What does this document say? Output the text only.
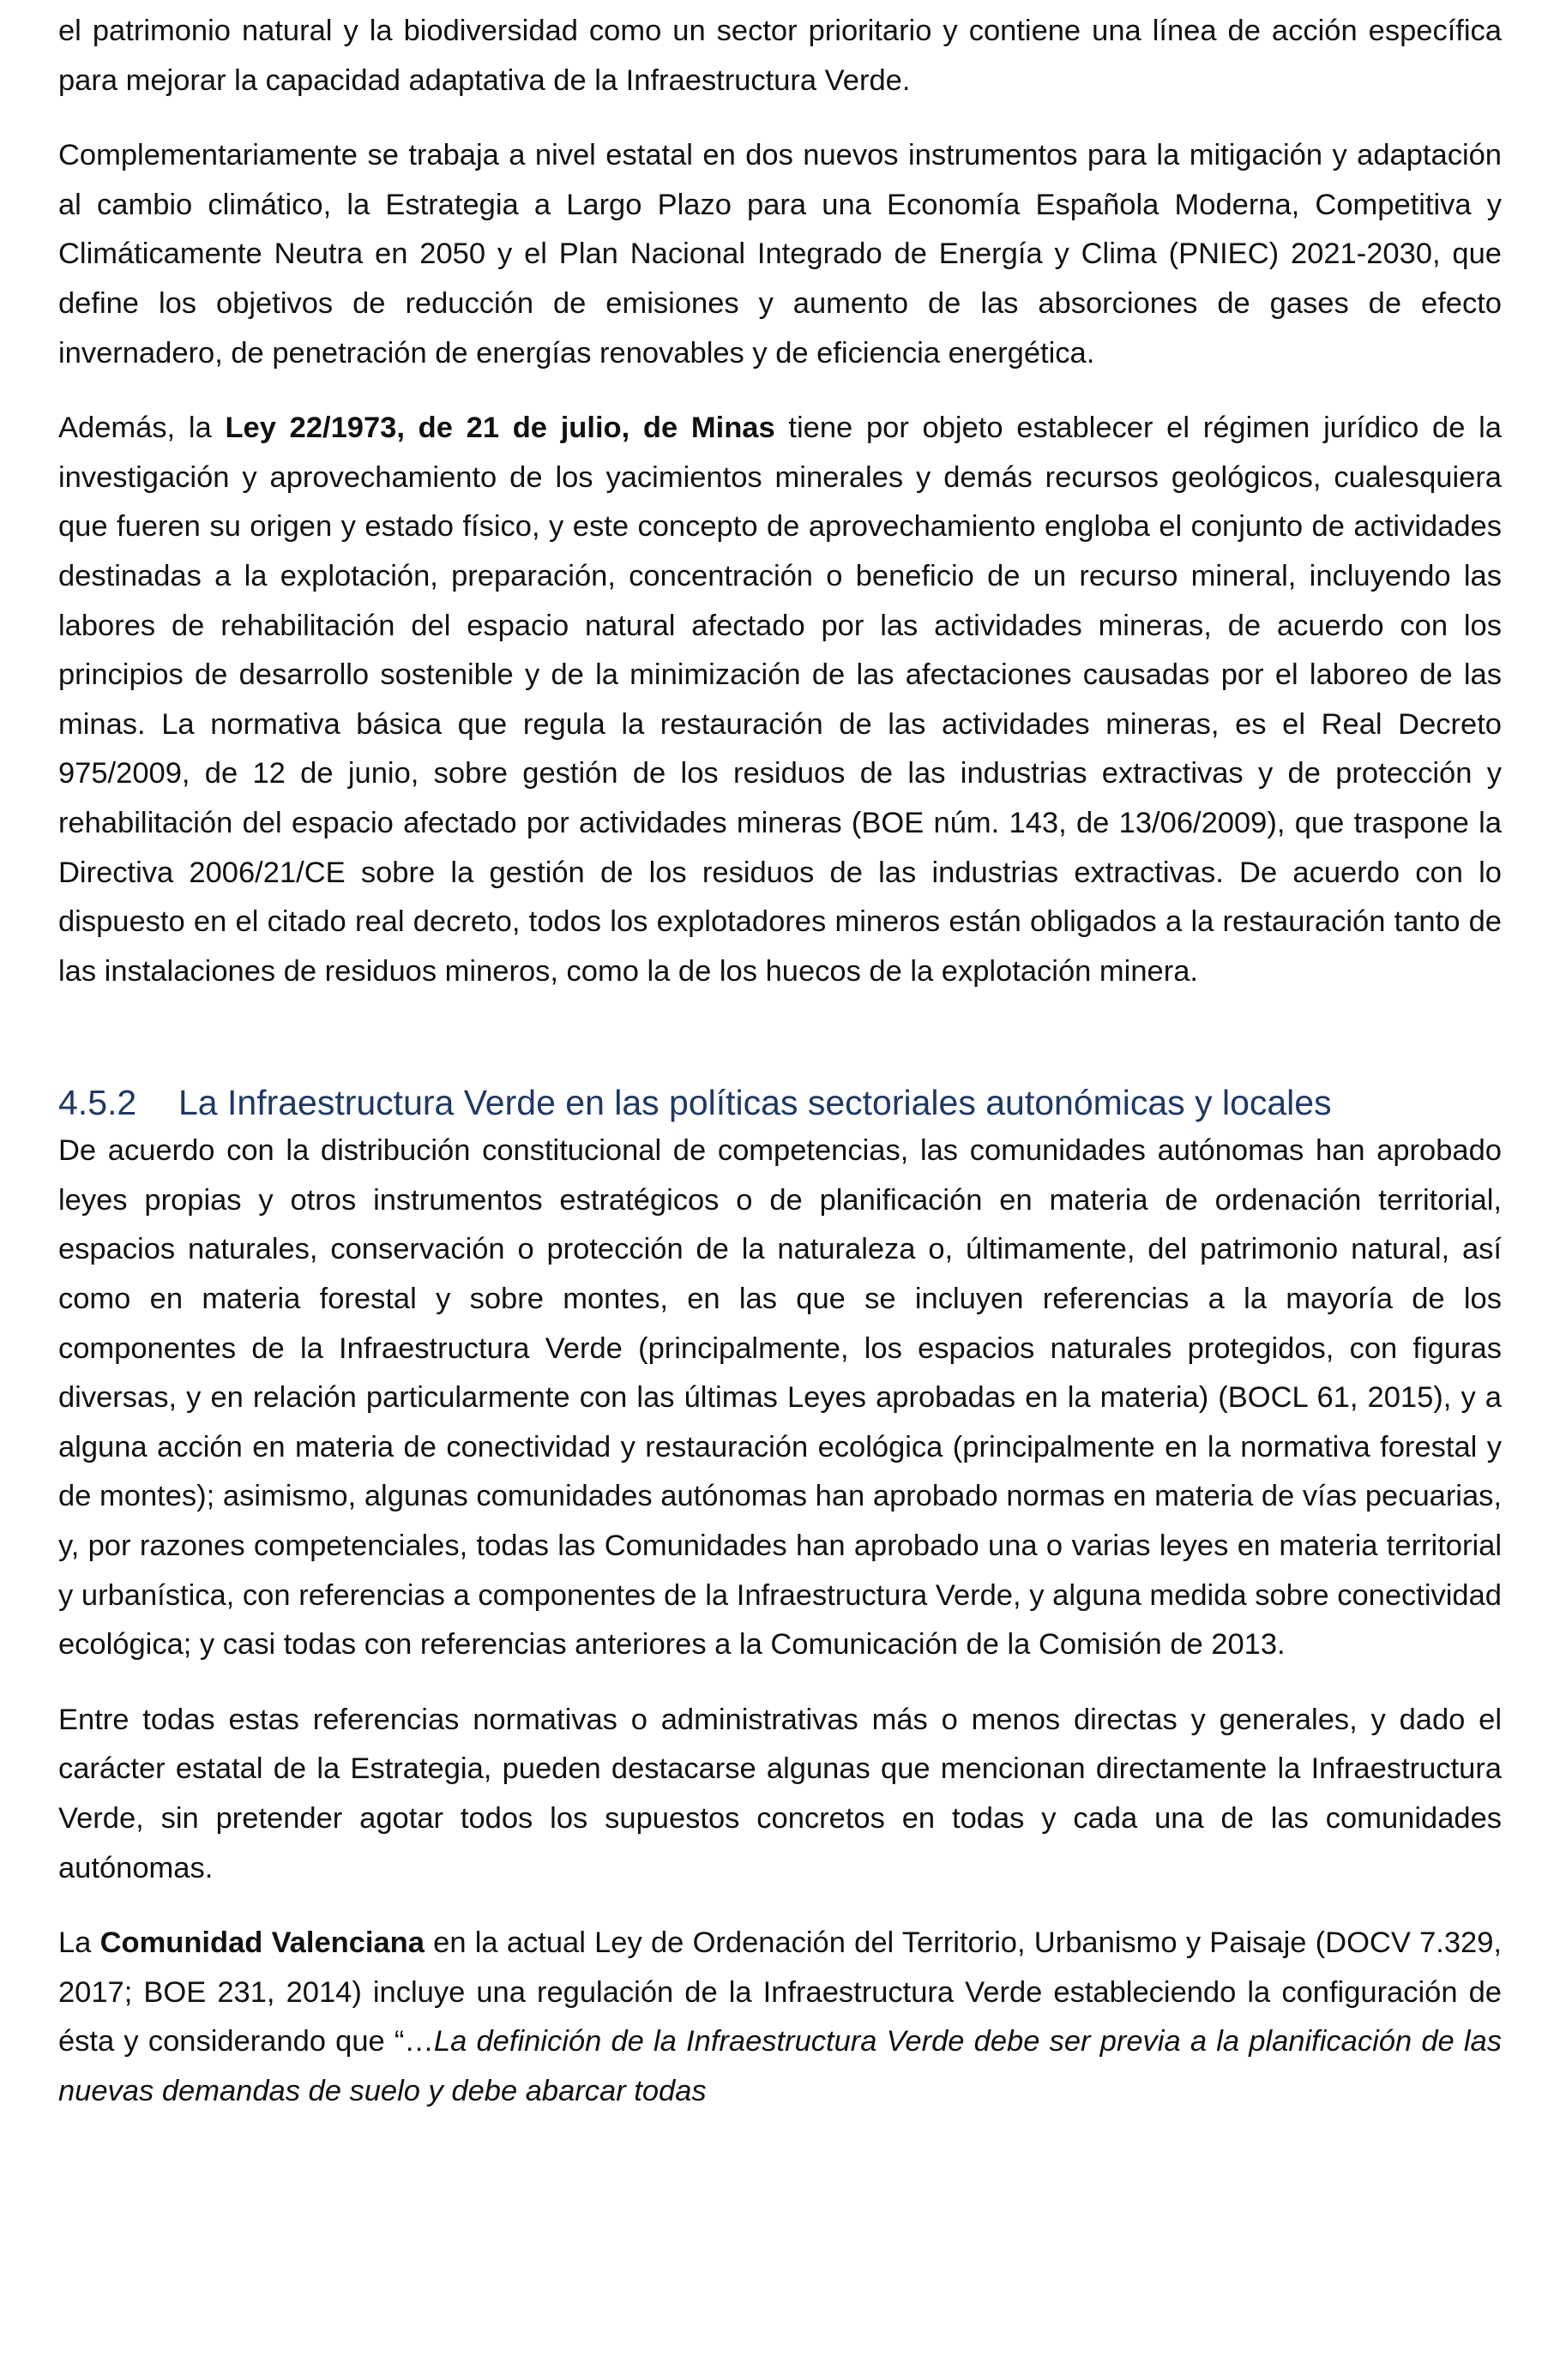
el patrimonio natural y la biodiversidad como un sector prioritario y contiene una línea de acción específica para mejorar la capacidad adaptativa de la Infraestructura Verde.

Complementariamente se trabaja a nivel estatal en dos nuevos instrumentos para la mitigación y adaptación al cambio climático, la Estrategia a Largo Plazo para una Economía Española Moderna, Competitiva y Climáticamente Neutra en 2050 y el Plan Nacional Integrado de Energía y Clima (PNIEC) 2021-2030, que define los objetivos de reducción de emisiones y aumento de las absorciones de gases de efecto invernadero, de penetración de energías renovables y de eficiencia energética.

Además, la Ley 22/1973, de 21 de julio, de Minas tiene por objeto establecer el régimen jurídico de la investigación y aprovechamiento de los yacimientos minerales y demás recursos geológicos, cualesquiera que fueren su origen y estado físico, y este concepto de aprovechamiento engloba el conjunto de actividades destinadas a la explotación, preparación, concentración o beneficio de un recurso mineral, incluyendo las labores de rehabilitación del espacio natural afectado por las actividades mineras, de acuerdo con los principios de desarrollo sostenible y de la minimización de las afectaciones causadas por el laboreo de las minas. La normativa básica que regula la restauración de las actividades mineras, es el Real Decreto 975/2009, de 12 de junio, sobre gestión de los residuos de las industrias extractivas y de protección y rehabilitación del espacio afectado por actividades mineras (BOE núm. 143, de 13/06/2009), que traspone la Directiva 2006/21/CE sobre la gestión de los residuos de las industrias extractivas. De acuerdo con lo dispuesto en el citado real decreto, todos los explotadores mineros están obligados a la restauración tanto de las instalaciones de residuos mineros, como la de los huecos de la explotación minera.

4.5.2 La Infraestructura Verde en las políticas sectoriales autonómicas y locales

De acuerdo con la distribución constitucional de competencias, las comunidades autónomas han aprobado leyes propias y otros instrumentos estratégicos o de planificación en materia de ordenación territorial, espacios naturales, conservación o protección de la naturaleza o, últimamente, del patrimonio natural, así como en materia forestal y sobre montes, en las que se incluyen referencias a la mayoría de los componentes de la Infraestructura Verde (principalmente, los espacios naturales protegidos, con figuras diversas, y en relación particularmente con las últimas Leyes aprobadas en la materia) (BOCL 61, 2015), y a alguna acción en materia de conectividad y restauración ecológica (principalmente en la normativa forestal y de montes); asimismo, algunas comunidades autónomas han aprobado normas en materia de vías pecuarias, y, por razones competenciales, todas las Comunidades han aprobado una o varias leyes en materia territorial y urbanística, con referencias a componentes de la Infraestructura Verde, y alguna medida sobre conectividad ecológica; y casi todas con referencias anteriores a la Comunicación de la Comisión de 2013.

Entre todas estas referencias normativas o administrativas más o menos directas y generales, y dado el carácter estatal de la Estrategia, pueden destacarse algunas que mencionan directamente la Infraestructura Verde, sin pretender agotar todos los supuestos concretos en todas y cada una de las comunidades autónomas.

La Comunidad Valenciana en la actual Ley de Ordenación del Territorio, Urbanismo y Paisaje (DOCV 7.329, 2017; BOE 231, 2014) incluye una regulación de la Infraestructura Verde estableciendo la configuración de ésta y considerando que “…La definición de la Infraestructura Verde debe ser previa a la planificación de las nuevas demandas de suelo y debe abarcar todas
